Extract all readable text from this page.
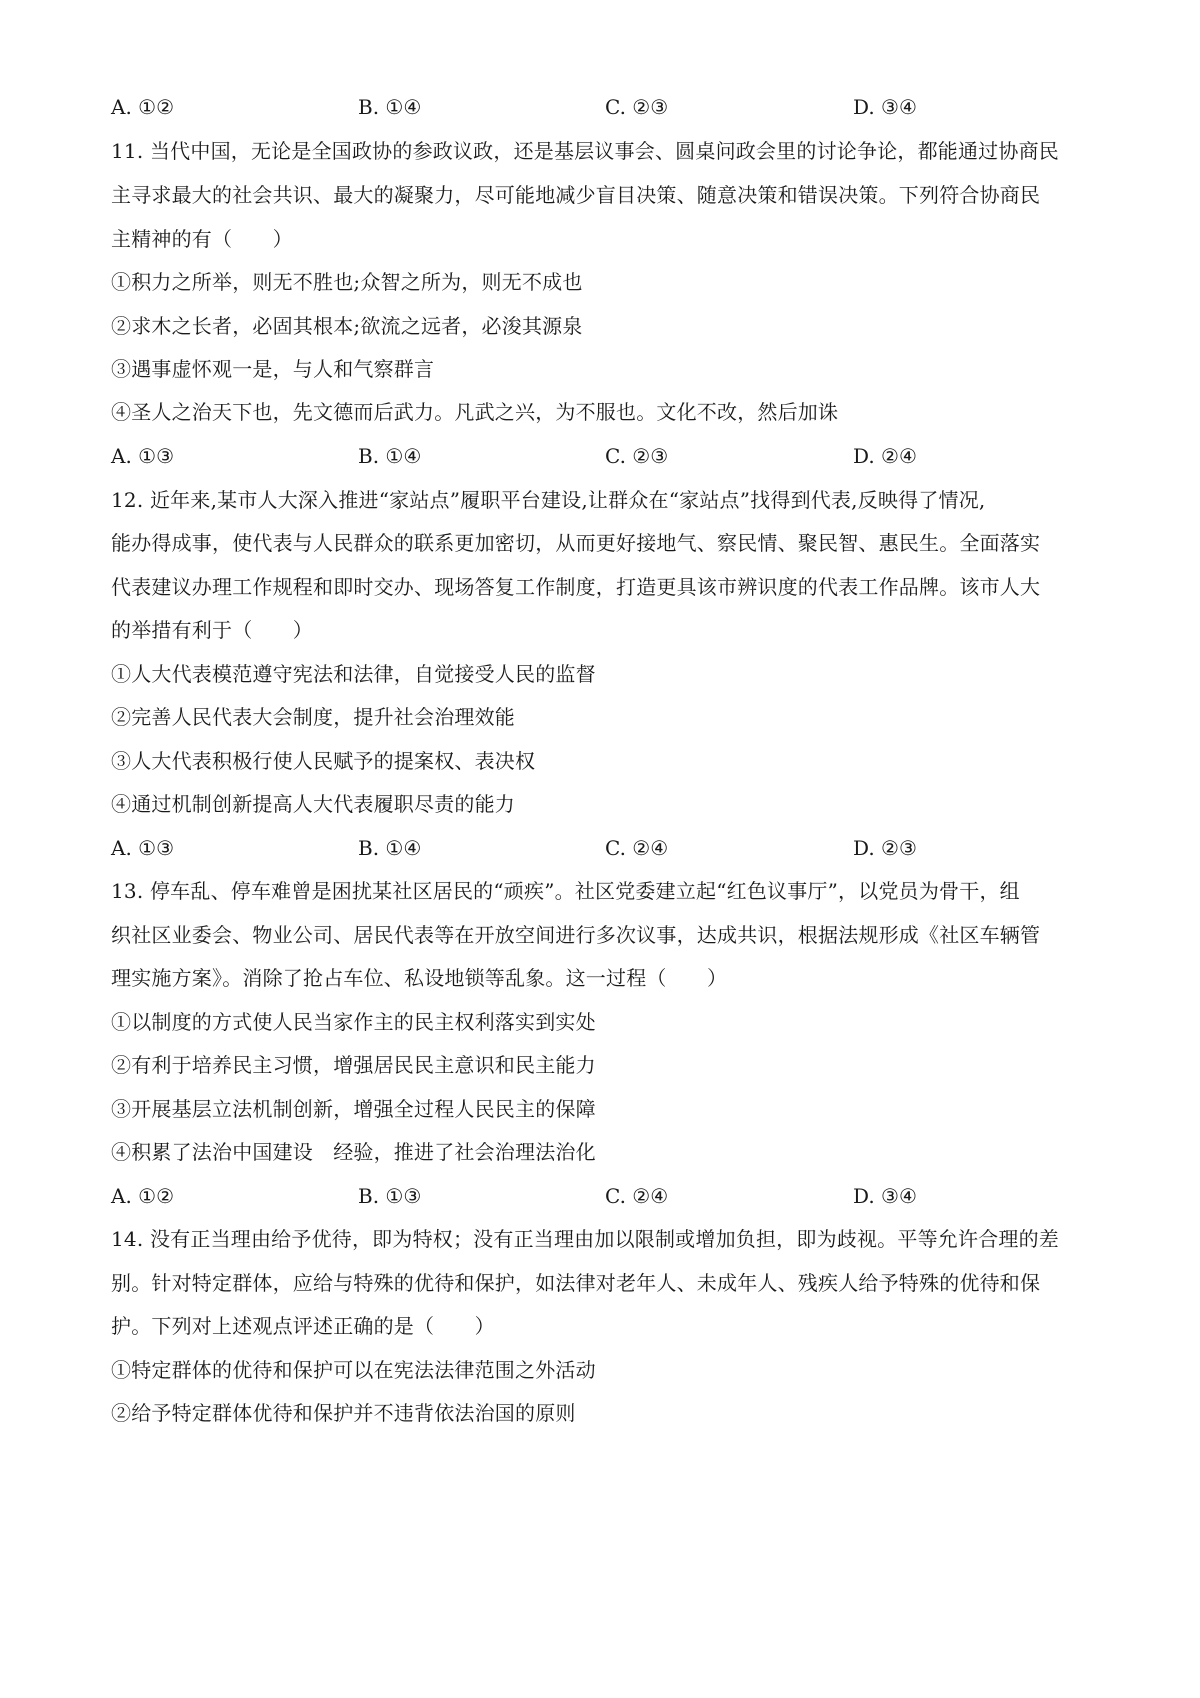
A. ①②	B. ①④	C. ②③	D. ③④
11. 当代中国，无论是全国政协的参政议政，还是基层议事会、圆桌问政会里的讨论争论，都能通过协商民
主寻求最大的社会共识、最大的凝聚力，尽可能地减少盲目决策、随意决策和错误决策。下列符合协商民
主精神的有（　　）
①积力之所举，则无不胜也;众智之所为，则无不成也
②求木之长者，必固其根本;欲流之远者，必浚其源泉
③遇事虚怀观一是，与人和气察群言
④圣人之治天下也，先文德而后武力。凡武之兴，为不服也。文化不改，然后加诛
A. ①③	B. ①④	C. ②③	D. ②④
12. 近年来,某市人大深入推进“家站点”履职平台建设,让群众在“家站点”找得到代表,反映得了情况,
能办得成事，使代表与人民群众的联系更加密切，从而更好接地气、察民情、聚民智、惠民生。全面落实
代表建议办理工作规程和即时交办、现场答复工作制度，打造更具该市辨识度的代表工作品牌。该市人大
的举措有利于（　　）
①人大代表模范遵守宪法和法律，自觉接受人民的监督
②完善人民代表大会制度，提升社会治理效能
③人大代表积极行使人民赋予的提案权、表决权
④通过机制创新提高人大代表履职尽责的能力
A. ①③	B. ①④	C. ②④	D. ②③
13. 停车乱、停车难曾是困扰某社区居民的“顽疾”。社区党委建立起“红色议事厅”，以党员为骨干，组
织社区业委会、物业公司、居民代表等在开放空间进行多次议事，达成共识，根据法规形成《社区车辆管
理实施方案》。消除了抢占车位、私设地锁等乱象。这一过程（　　）
①以制度的方式使人民当家作主的民主权利落实到实处
②有利于培养民主习惯，增强居民民主意识和民主能力
③开展基层立法机制创新，增强全过程人民民主的保障
④积累了法治中国建设　经验，推进了社会治理法治化
A. ①②	B. ①③	C. ②④	D. ③④
14. 没有正当理由给予优待，即为特权；没有正当理由加以限制或增加负担，即为歧视。平等允许合理的差
别。针对特定群体，应给与特殊的优待和保护，如法律对老年人、未成年人、残疾人给予特殊的优待和保
护。下列对上述观点评述正确的是（　　）
①特定群体的优待和保护可以在宪法法律范围之外活动
②给予特定群体优待和保护并不违背依法治国的原则
